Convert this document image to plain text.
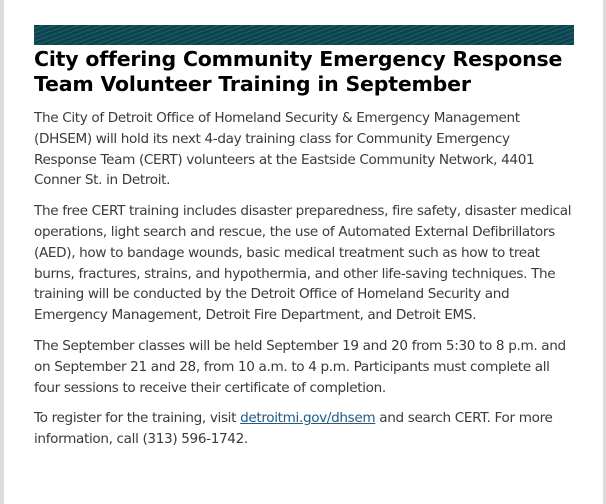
City offering Community Emergency Response Team Volunteer Training in September

The City of Detroit Office of Homeland Security & Emergency Management (DHSEM) will hold its next 4-day training class for Community Emergency Response Team (CERT) volunteers at the Eastside Community Network, 4401 Conner St. in Detroit.

The free CERT training includes disaster preparedness, fire safety, disaster medical operations, light search and rescue, the use of Automated External Defibrillators (AED), how to bandage wounds, basic medical treatment such as how to treat burns, fractures, strains, and hypothermia, and other life-saving techniques. The training will be conducted by the Detroit Office of Homeland Security and Emergency Management, Detroit Fire Department, and Detroit EMS.

The September classes will be held September 19 and 20 from 5:30 to 8 p.m. and on September 21 and 28, from 10 a.m. to 4 p.m. Participants must complete all four sessions to receive their certificate of completion.

To register for the training, visit detroitmi.gov/dhsem and search CERT. For more information, call (313) 596-1742.
